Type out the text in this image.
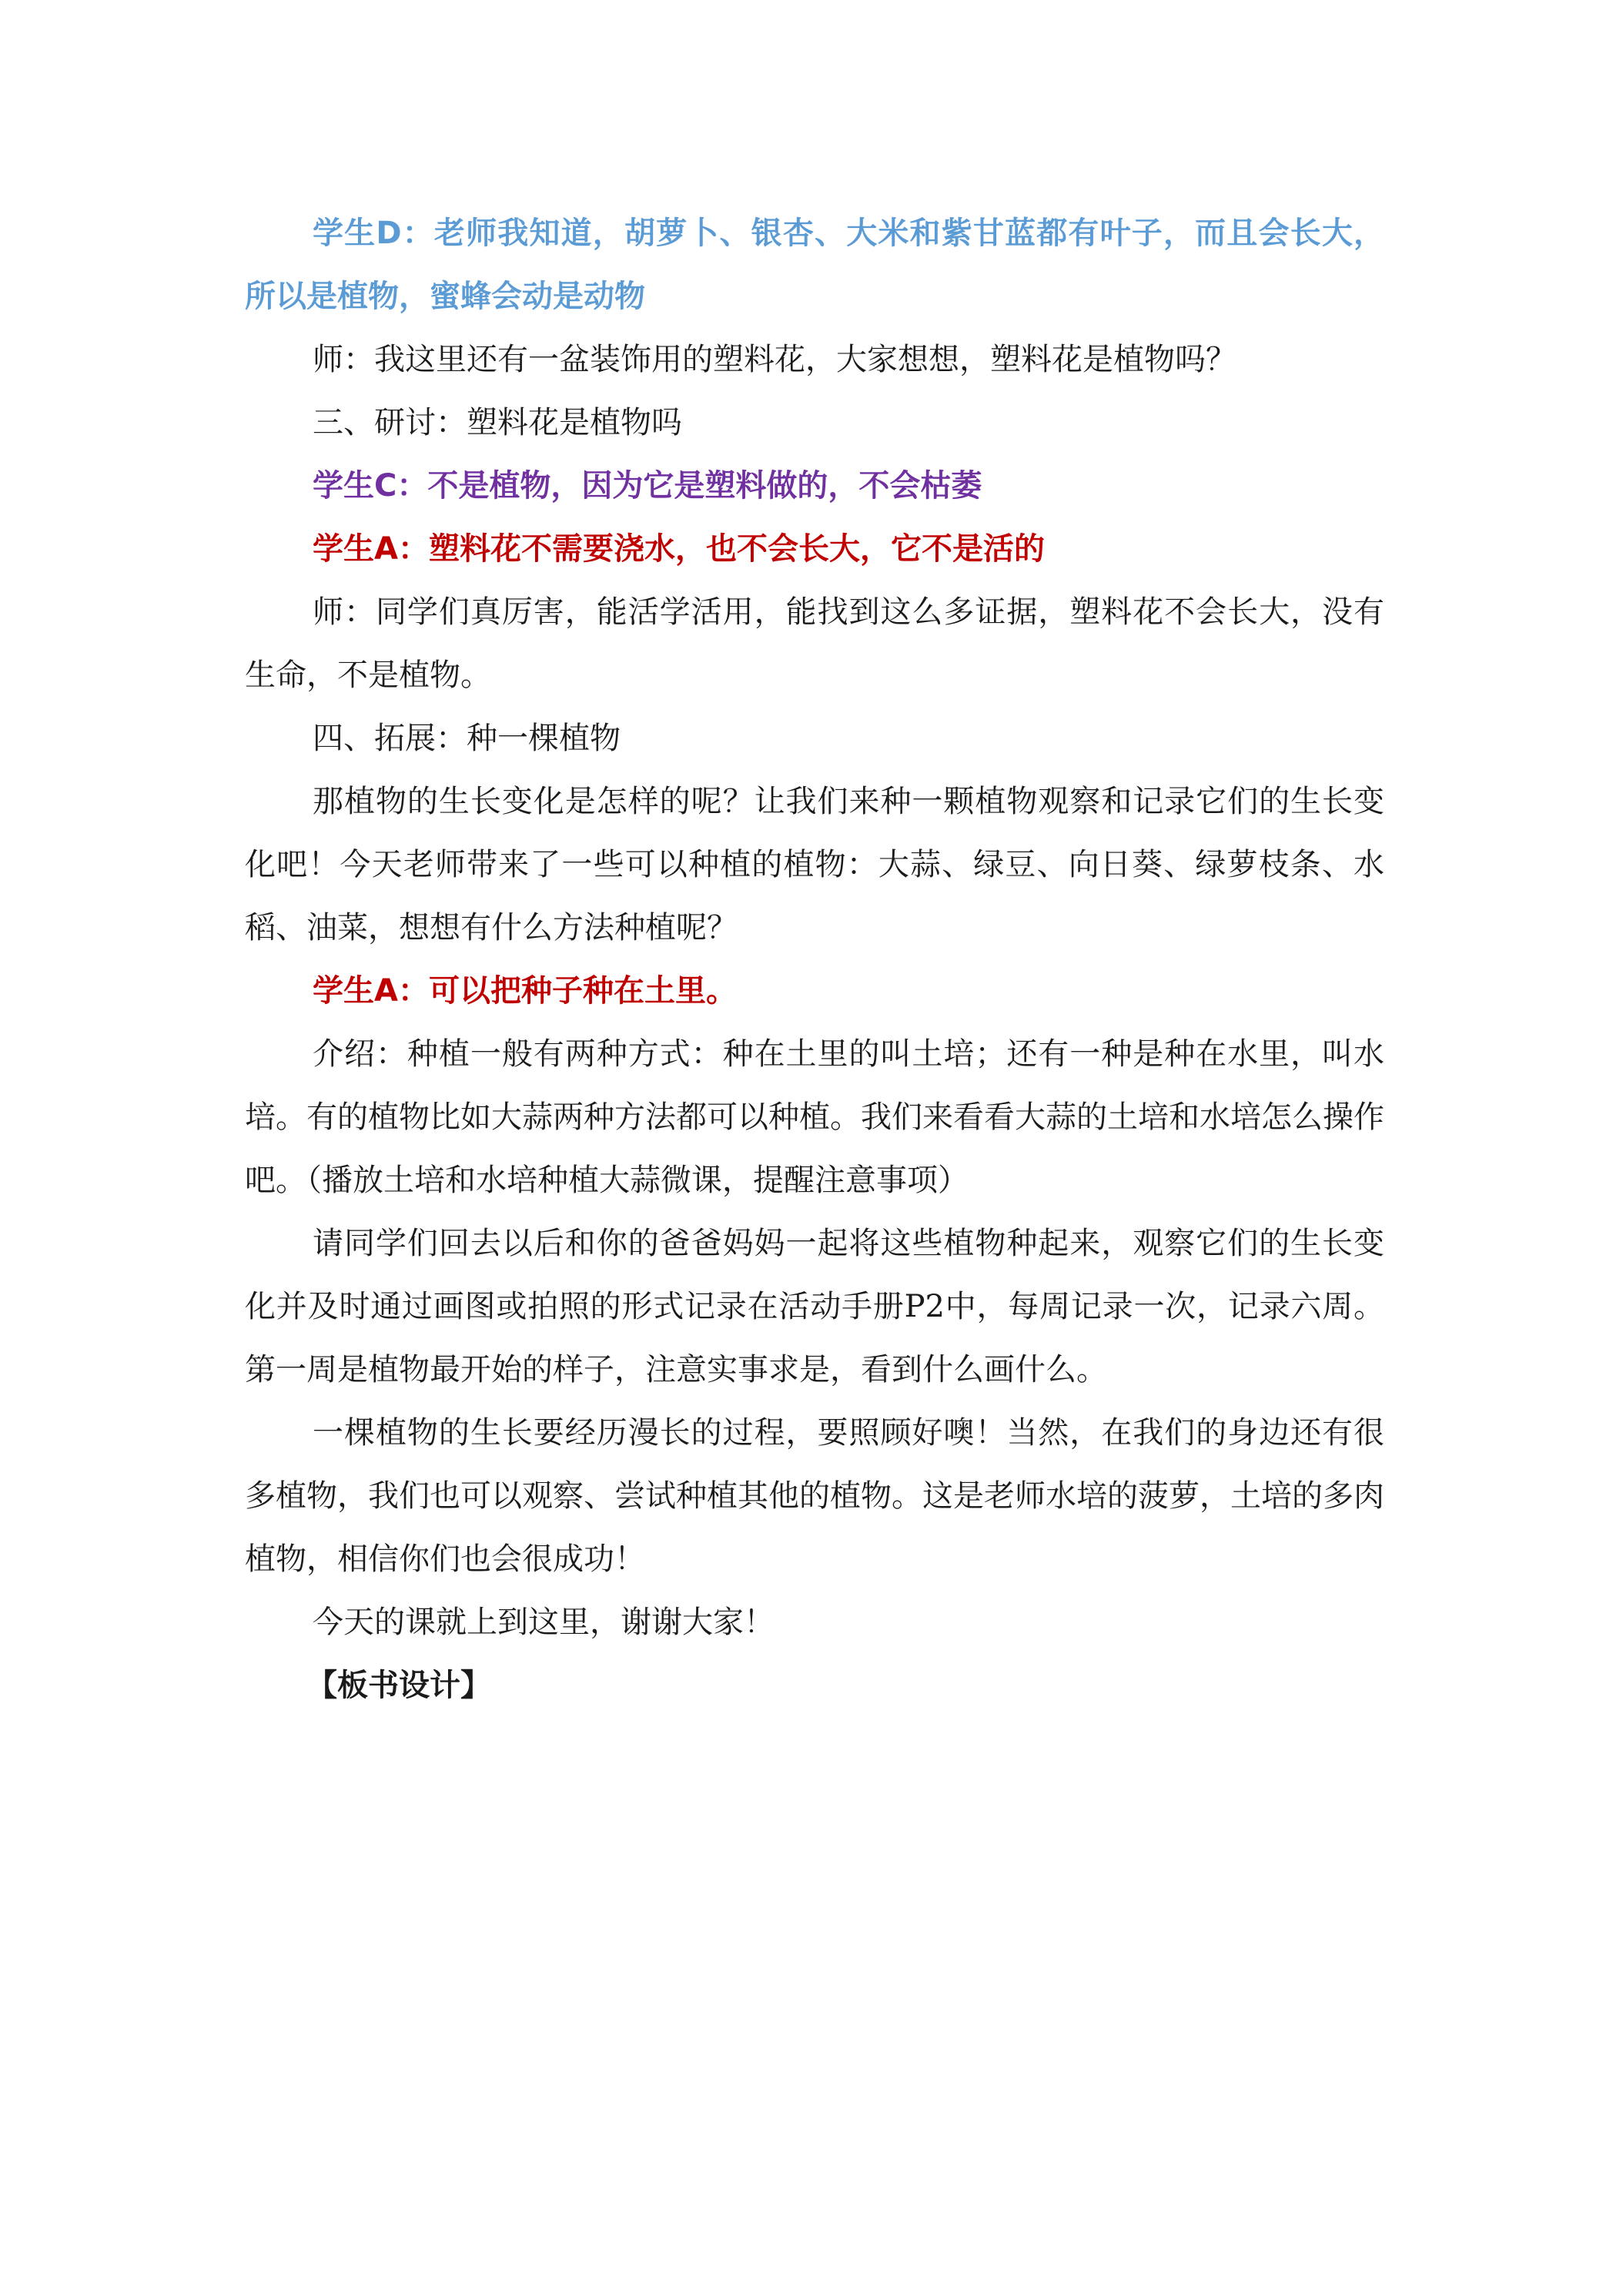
学生D：老师我知道，胡萝卜、银杏、大米和紫甘蓝都有叶子，而且会长大，所以是植物，蜜蜂会动是动物

师：我这里还有一盆装饰用的塑料花，大家想想，塑料花是植物吗？

三、研讨：塑料花是植物吗

学生C：不是植物，因为它是塑料做的，不会枯萎

学生A：塑料花不需要浇水，也不会长大，它不是活的

师：同学们真厉害，能活学活用，能找到这么多证据，塑料花不会长大，没有生命，不是植物。

四、拓展：种一棵植物

那植物的生长变化是怎样的呢？让我们来种一颗植物观察和记录它们的生长变化吧！今天老师带来了一些可以种植的植物：大蒜、绿豆、向日葵、绿萝枝条、水稻、油菜，想想有什么方法种植呢？

学生A：可以把种子种在土里。

介绍：种植一般有两种方式：种在土里的叫土培；还有一种是种在水里，叫水培。有的植物比如大蒜两种方法都可以种植。我们来看看大蒜的土培和水培怎么操作吧。（播放土培和水培种植大蒜微课，提醒注意事项）

请同学们回去以后和你的爸爸妈妈一起将这些植物种起来，观察它们的生长变化并及时通过画图或拍照的形式记录在活动手册P2中，每周记录一次，记录六周。第一周是植物最开始的样子，注意实事求是，看到什么画什么。

一棵植物的生长要经历漫长的过程，要照顾好噢！当然，在我们的身边还有很多植物，我们也可以观察、尝试种植其他的植物。这是老师水培的菠萝，土培的多肉植物，相信你们也会很成功！

今天的课就上到这里，谢谢大家！

【板书设计】
